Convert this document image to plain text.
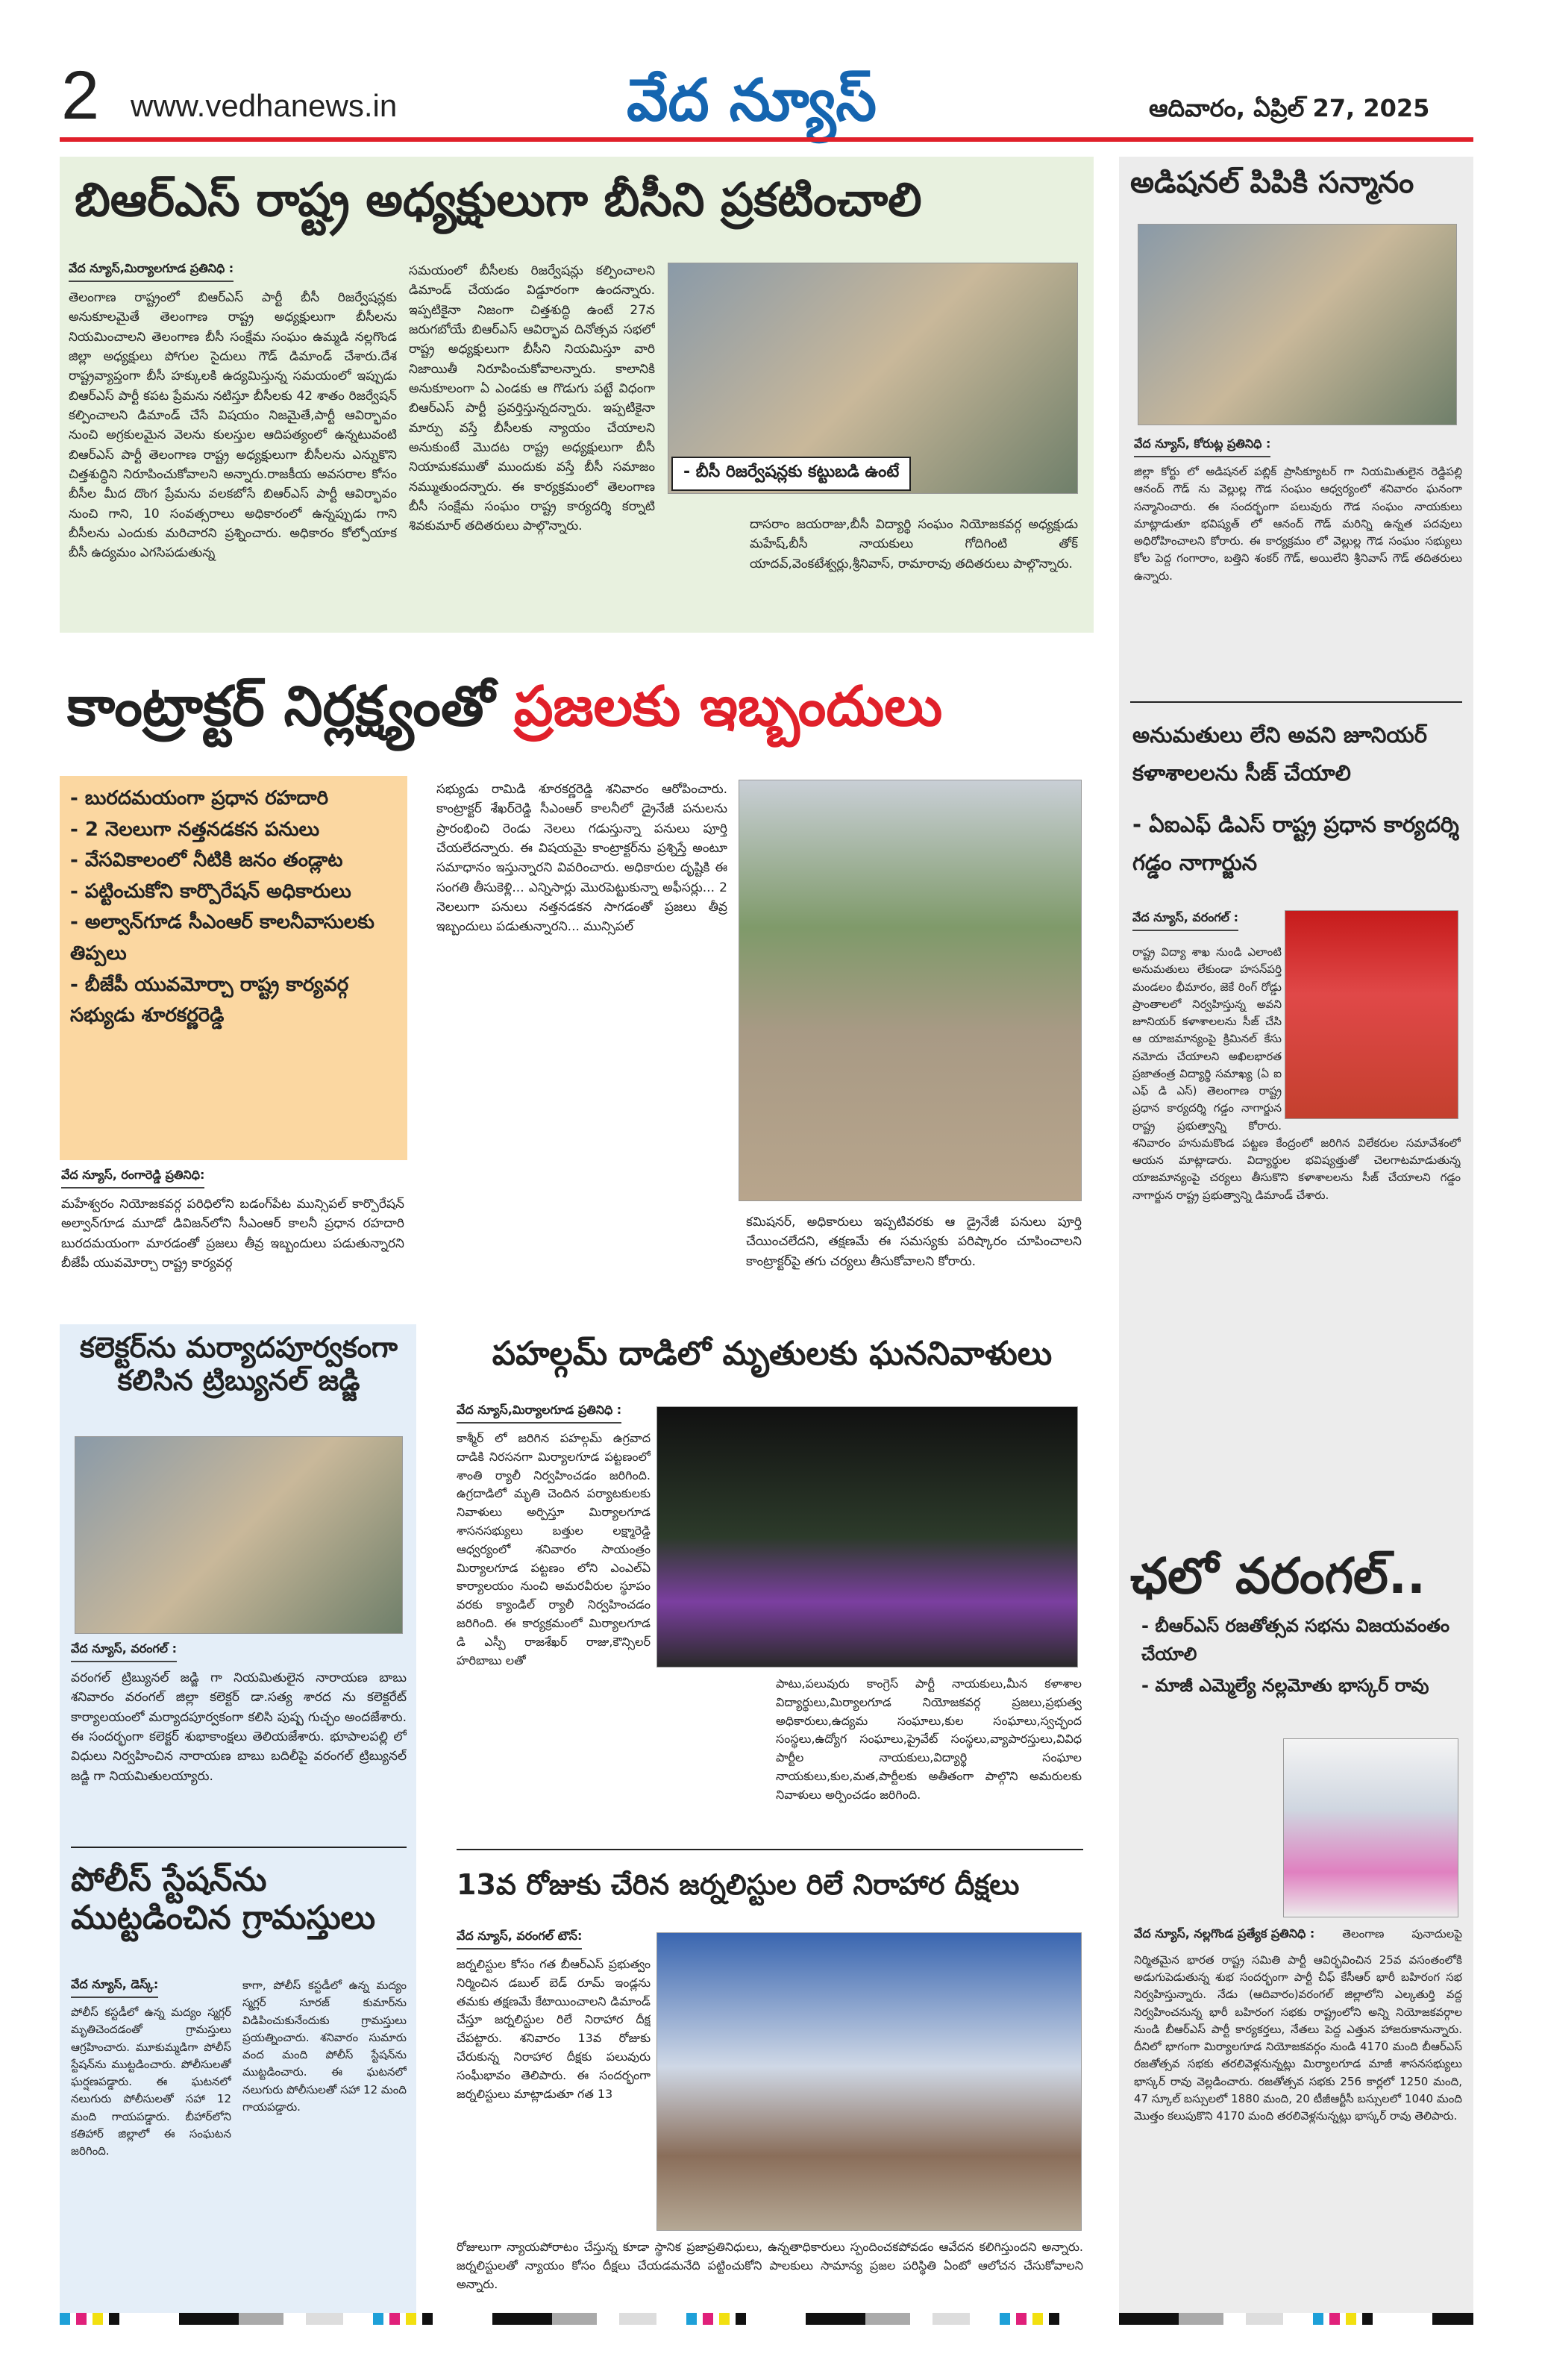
2 www.vedhanews.in	వేద న్యూస్	ఆదివారం, ఏప్రిల్ 27, 2025
బిఆర్ఎస్ రాష్ట్ర అధ్యక్షులుగా బీసీని ప్రకటించాలి
వేద న్యూస్,మిర్యాలగూడ ప్రతినిధి :
తెలంగాణ రాష్ట్రంలో బిఆర్ఎస్ పార్టీ బీసీ రిజర్వేషన్లకు అనుకూలమైతే తెలంగాణ రాష్ట్ర అధ్యక్షులుగా బీసీలను నియమించాలని తెలంగాణ బీసీ సంక్షేమ సంఘం ఉమ్మడి నల్లగొండ జిల్లా అధ్యక్షులు పోగుల సైదులు గౌడ్ డిమాండ్ చేశారు.దేశ రాష్ట్రవ్యాప్తంగా బీసీ హక్కులకి ఉద్యమిస్తున్న సమయంలో ఇప్పుడు బిఆర్ఎస్ పార్టీ కపట ప్రేమను నటిస్తూ బీసీలకు 42 శాతం రిజర్వేషన్ కల్పించాలని డిమాండ్ చేసే విషయం నిజమైతే,పార్టీ ఆవిర్భావం నుంచి అగ్రకులమైన వెలను కులస్తుల ఆదిపత్యంలో ఉన్నటువంటి బిఆర్ఎస్ పార్టీ తెలంగాణ రాష్ట్ర అధ్యక్షులుగా బీసీలను ఎన్నుకొని చిత్తశుద్ధిని నిరూపించుకోవాలని అన్నారు.రాజకీయ అవసరాల కోసం బీసీల మీద దొంగ ప్రేమను వలకబోసే బిఆర్ఎస్ పార్టీ ఆవిర్భావం నుంచి గాని, 10 సంవత్సరాలు అధికారంలో ఉన్నప్పుడు గాని బీసీలను ఎందుకు మరిచారని ప్రశ్నించారు. అధికారం కోల్పోయాక బీసీ ఉద్యమం ఎగసిపడుతున్న
సమయంలో బీసీలకు రిజర్వేషన్లు కల్పించాలని డిమాండ్ చేయడం విడ్డూరంగా ఉందన్నారు. ఇప్పటికైనా నిజంగా చిత్తశుద్ధి ఉంటే 27న జరుగబోయే బిఆర్ఎస్ ఆవిర్భావ దినోత్సవ సభలో రాష్ట్ర అధ్యక్షులుగా బీసీని నియమిస్తూ వారి నిజాయితీ నిరూపించుకోవాలన్నారు. కాలానికి అనుకూలంగా ఏ ఎండకు ఆ గొడుగు పట్టే విధంగా బిఆర్ఎస్ పార్టీ ప్రవర్తిస్తున్నదన్నారు. ఇప్పటికైనా మార్పు వస్తే బీసీలకు న్యాయం చేయాలని అనుకుంటే మొదట రాష్ట్ర అధ్యక్షులుగా బీసీ నియామకముతో ముందుకు వస్తే బీసీ సమాజం నమ్ముతుందన్నారు. ఈ కార్యక్రమంలో తెలంగాణ బీసీ సంక్షేమ సంఘం రాష్ట్ర కార్యదర్శి కర్నాటి శివకుమార్ తదితరులు పాల్గొన్నారు.
- బీసీ రిజర్వేషన్లకు కట్టుబడి ఉంటే
దాసరాం జయరాజు,బీసీ విద్యార్థి సంఘం నియోజకవర్గ అధ్యక్షుడు మహేష్,బీసీ నాయకులు గోదిగింటి తోక్ యాదవ్,వెంకటేశ్వర్లు,శ్రీనివాస్, రామారావు తదితరులు పాల్గొన్నారు.
కాంట్రాక్టర్ నిర్లక్ష్యంతో ప్రజలకు ఇబ్బందులు
- బురదమయంగా ప్రధాన రహదారి
- 2 నెలలుగా నత్తనడకన పనులు
- వేసవికాలంలో నీటికి జనం తండ్లాట
- పట్టించుకోని కార్పొరేషన్ అధికారులు
- అల్వాన్‌గూడ సీఎంఆర్ కాలనీవాసులకు తిప్పలు
- బీజేపీ యువమోర్చా రాష్ట్ర కార్యవర్గ సభ్యుడు శూరకర్ణరెడ్డి
వేద న్యూస్, రంగారెడ్డి ప్రతినిధి:
మహేశ్వరం నియోజకవర్గ పరిధిలోని బడంగ్‌పేట మున్సిపల్ కార్పొరేషన్ అల్వాన్‌గూడ మూడో డివిజన్‌లోని సీఎంఆర్ కాలనీ ప్రధాన రహదారి బురదమయంగా మారడంతో ప్రజలు తీవ్ర ఇబ్బందులు పడుతున్నారని బీజేపీ యువమోర్చా రాష్ట్ర కార్యవర్గ
సభ్యుడు రామిడి శూరకర్ణరెడ్డి శనివారం ఆరోపించారు. కాంట్రాక్టర్ శేఖర్‌రెడ్డి సీఎంఆర్ కాలనీలో డ్రైనేజీ పనులను ప్రారంభించి రెండు నెలలు గడుస్తున్నా పనులు పూర్తి చేయలేదన్నారు. ఈ విషయమై కాంట్రాక్టర్‌ను ప్రశ్నిస్తే అంటూ సమాధానం ఇస్తున్నారని వివరించారు. అధికారుల దృష్టికి ఈ సంగతి తీసుకెళ్లి... ఎన్నిసార్లు మొరపెట్టుకున్నా అఫీసర్లు... 2 నెలలుగా పనులు నత్తనడకన సాగడంతో ప్రజలు తీవ్ర ఇబ్బందులు పడుతున్నారని... మున్సిపల్
కమిషనర్, అధికారులు ఇప్పటివరకు ఆ డ్రైనేజీ పనులు పూర్తి చేయించలేదని, తక్షణమే ఈ సమస్యకు పరిష్కారం చూపించాలని కాంట్రాక్టర్‌పై తగు చర్యలు తీసుకోవాలని కోరారు.
కలెక్టర్‌ను మర్యాదపూర్వకంగా కలిసిన ట్రిబ్యునల్ జడ్జి
వేద న్యూస్, వరంగల్ :
వరంగల్ ట్రిబ్యునల్ జడ్జి గా నియమితులైన నారాయణ బాబు శనివారం వరంగల్ జిల్లా కలెక్టర్ డా.సత్య శారద ను కలెక్టరేట్ కార్యాలయంలో మర్యాదపూర్వకంగా కలిసి పుష్ప గుచ్ఛం అందజేశారు. ఈ సందర్భంగా కలెక్టర్ శుభాకాంక్షలు తెలియజేశారు. భూపాలపల్లి లో విధులు నిర్వహించిన నారాయణ బాబు బదిలీపై వరంగల్ ట్రిబ్యునల్ జడ్జి గా నియమితులయ్యారు.
పోలీస్ స్టేషన్‌ను ముట్టడించిన గ్రామస్తులు
వేద న్యూస్, డెస్క్:
పోలీస్ కస్టడీలో ఉన్న మద్యం స్మగ్లర్ మృతిచెందడంతో గ్రామస్తులు ఆగ్రహించారు. మూకుమ్మడిగా పోలీస్ స్టేషన్‌ను ముట్టడించారు. పోలీసులతో ఘర్షణపడ్డారు. ఈ ఘటనలో నలుగురు పోలీసులతో సహా 12 మంది గాయపడ్డారు. బీహార్‌లోని కతిహార్ జిల్లాలో ఈ సంఘటన జరిగింది.
కాగా, పోలీస్ కస్టడీలో ఉన్న మద్యం స్మగ్లర్ సూరజ్ కుమార్‌ను విడిపించుకునేందుకు గ్రామస్తులు ప్రయత్నించారు. శనివారం సుమారు వంద మంది పోలీస్ స్టేషన్‌ను ముట్టడించారు. ఈ ఘటనలో నలుగురు పోలీసులతో సహా 12 మంది గాయపడ్డారు.
పహల్గమ్ దాడిలో మృతులకు ఘననివాళులు
వేద న్యూస్,మిర్యాలగూడ ప్రతినిధి :
కాశ్మీర్ లో జరిగిన పహల్గమ్ ఉగ్రవాద దాడికి నిరసనగా మిర్యాలగూడ పట్టణంలో శాంతి ర్యాలీ నిర్వహించడం జరిగింది. ఉగ్రదాడిలో మృతి చెందిన పర్యాటకులకు నివాళులు అర్పిస్తూ మిర్యాలగూడ శాసనసభ్యులు బత్తుల లక్ష్మారెడ్డి ఆధ్వర్యంలో శనివారం సాయంత్రం మిర్యాలగూడ పట్టణం లోని ఎంఎల్ఏ కార్యాలయం నుంచి అమరవీరుల స్థూపం వరకు క్యాండిల్ ర్యాలీ నిర్వహించడం జరిగింది. ఈ కార్యక్రమంలో మిర్యాలగూడ డి ఎస్పీ రాజశేఖర్ రాజు,కౌన్సిలర్ హరిబాబు లతో
పాటు,పలువురు కాంగ్రెస్ పార్టీ నాయకులు,మీన కళాశాల విద్యార్థులు,మిర్యాలగూడ నియోజకవర్గ ప్రజలు,ప్రభుత్వ అధికారులు,ఉద్యమ సంఘాలు,కుల సంఘాలు,స్వచ్ఛంద సంస్థలు,ఉద్యోగ సంఘాలు,ప్రైవేట్ సంస్థలు,వ్యాపారస్తులు,వివిధ పార్టీల నాయకులు,విద్యార్థి సంఘాల నాయకులు,కుల,మత,పార్టీలకు అతీతంగా పాల్గొని అమరులకు నివాళులు అర్పించడం జరిగింది.
13వ రోజుకు చేరిన జర్నలిస్టుల రిలే నిరాహార దీక్షలు
వేద న్యూస్, వరంగల్ టౌన్:
జర్నలిస్టుల కోసం గత బీఆర్ఎస్ ప్రభుత్వం నిర్మించిన డబుల్ బెడ్ రూమ్ ఇండ్లను తమకు తక్షణమే కేటాయించాలని డిమాండ్ చేస్తూ జర్నలిస్టుల రిలే నిరాహార దీక్ష చేపట్టారు. శనివారం 13వ రోజుకు చేరుకున్న నిరాహార దీక్షకు పలువురు సంఘీభావం తెలిపారు. ఈ సందర్భంగా జర్నలిస్టులు మాట్లాడుతూ గత 13
రోజులుగా న్యాయపోరాటం చేస్తున్న కూడా స్థానిక ప్రజాప్రతినిధులు, ఉన్నతాధికారులు స్పందించకపోవడం ఆవేదన కలిగిస్తుందని అన్నారు. జర్నలిస్టులతో న్యాయం కోసం దీక్షలు చేయడమనేది పట్టించుకోని పాలకులు సామాన్య ప్రజల పరిస్థితి ఏంటో ఆలోచన చేసుకోవాలని అన్నారు.
అడిషనల్ పిపికి సన్మానం
వేద న్యూస్, కోరుట్ల ప్రతినిధి :
జిల్లా కోర్టు లో అడిషనల్ పబ్లిక్ ప్రాసిక్యూటర్ గా నియమితులైన రెడ్డిపల్లి ఆనంద్ గౌడ్ ను వెల్లుల్ల గౌడ సంఘం ఆధ్వర్యంలో శనివారం ఘనంగా సన్మానించారు. ఈ సందర్భంగా పలువురు గౌడ సంఘం నాయకులు మాట్లాడుతూ భవిష్యత్ లో ఆనంద్ గౌడ్ మరిన్ని ఉన్నత పదవులు అధిరోహించాలని కోరారు. ఈ కార్యక్రమం లో వెల్లుల్ల గౌడ సంఘం సభ్యులు కోల పెద్ద గంగారాం, బత్తిని శంకర్ గౌడ్, అయిలేని శ్రీనివాస్ గౌడ్ తదితరులు ఉన్నారు.
అనుమతులు లేని అవని జూనియర్ కళాశాలలను సీజ్ చేయాలి
- ఏఐఎఫ్ డిఎస్ రాష్ట్ర ప్రధాన కార్యదర్శి గడ్డం నాగార్జున
వేద న్యూస్, వరంగల్ :
రాష్ట్ర విద్యా శాఖ నుండి ఎలాంటి అనుమతులు లేకుండా హసన్‌పర్తి మండలం భీమారం, జెకే రింగ్ రోడ్డు ప్రాంతాలలో నిర్వహిస్తున్న అవని జూనియర్ కళాశాలలను సీజ్ చేసి ఆ యాజమాన్యంపై క్రిమినల్ కేసు నమోదు చేయాలని అఖిలభారత ప్రజాతంత్ర విద్యార్థి సమాఖ్య (ఏ ఐ ఎఫ్ డి ఎస్) తెలంగాణ రాష్ట్ర ప్రధాన కార్యదర్శి గడ్డం నాగార్జున రాష్ట్ర ప్రభుత్వాన్ని కోరారు. శనివారం హనుమకొండ పట్టణ కేంద్రంలో జరిగిన విలేకరుల సమావేశంలో ఆయన మాట్లాడారు. విద్యార్థుల భవిష్యత్తుతో చెలగాటమాడుతున్న యాజమాన్యంపై చర్యలు తీసుకొని కళాశాలలను సీజ్ చేయాలని గడ్డం నాగార్జున రాష్ట్ర ప్రభుత్వాన్ని డిమాండ్ చేశారు.
ఛలో వరంగల్..
- బీఆర్ఎస్ రజతోత్సవ సభను విజయవంతం చేయాలి
- మాజీ ఎమ్మెల్యే నల్లమోతు భాస్కర్ రావు
వేద న్యూస్, నల్లగొండ ప్రత్యేక ప్రతినిధి : తెలంగాణ పునాదులపై నిర్మితమైన భారత రాష్ట్ర సమితి పార్టీ ఆవిర్భవించిన 25వ వసంతంలోకి అడుగుపెడుతున్న శుభ సందర్భంగా పార్టీ చీఫ్ కేసీఆర్ భారీ బహిరంగ సభ నిర్వహిస్తున్నారు. నేడు (ఆదివారం)వరంగల్ జిల్లాలోని ఎల్కతుర్తి వద్ద నిర్వహించనున్న భారీ బహిరంగ సభకు రాష్ట్రంలోని అన్ని నియోజకవర్గాల నుండి బీఆర్ఎస్ పార్టీ కార్యకర్తలు, నేతలు పెద్ద ఎత్తున హాజరుకానున్నారు. దీనిలో భాగంగా మిర్యాలగూడ నియోజకవర్గం నుండి 4170 మంది బీఆర్ఎస్ రజతోత్సవ సభకు తరలివెళ్లనున్నట్లు మిర్యాలగూడ మాజీ శాసనసభ్యులు భాస్కర్ రావు వెల్లడించారు. రజతోత్సవ సభకు 256 కార్లలో 1250 మంది, 47 స్కూల్ బస్సులలో 1880 మంది, 20 టీజీఆర్టీసీ బస్సులలో 1040 మంది మొత్తం కలుపుకొని 4170 మంది తరలివెళ్లనున్నట్లు భాస్కర్ రావు తెలిపారు.
